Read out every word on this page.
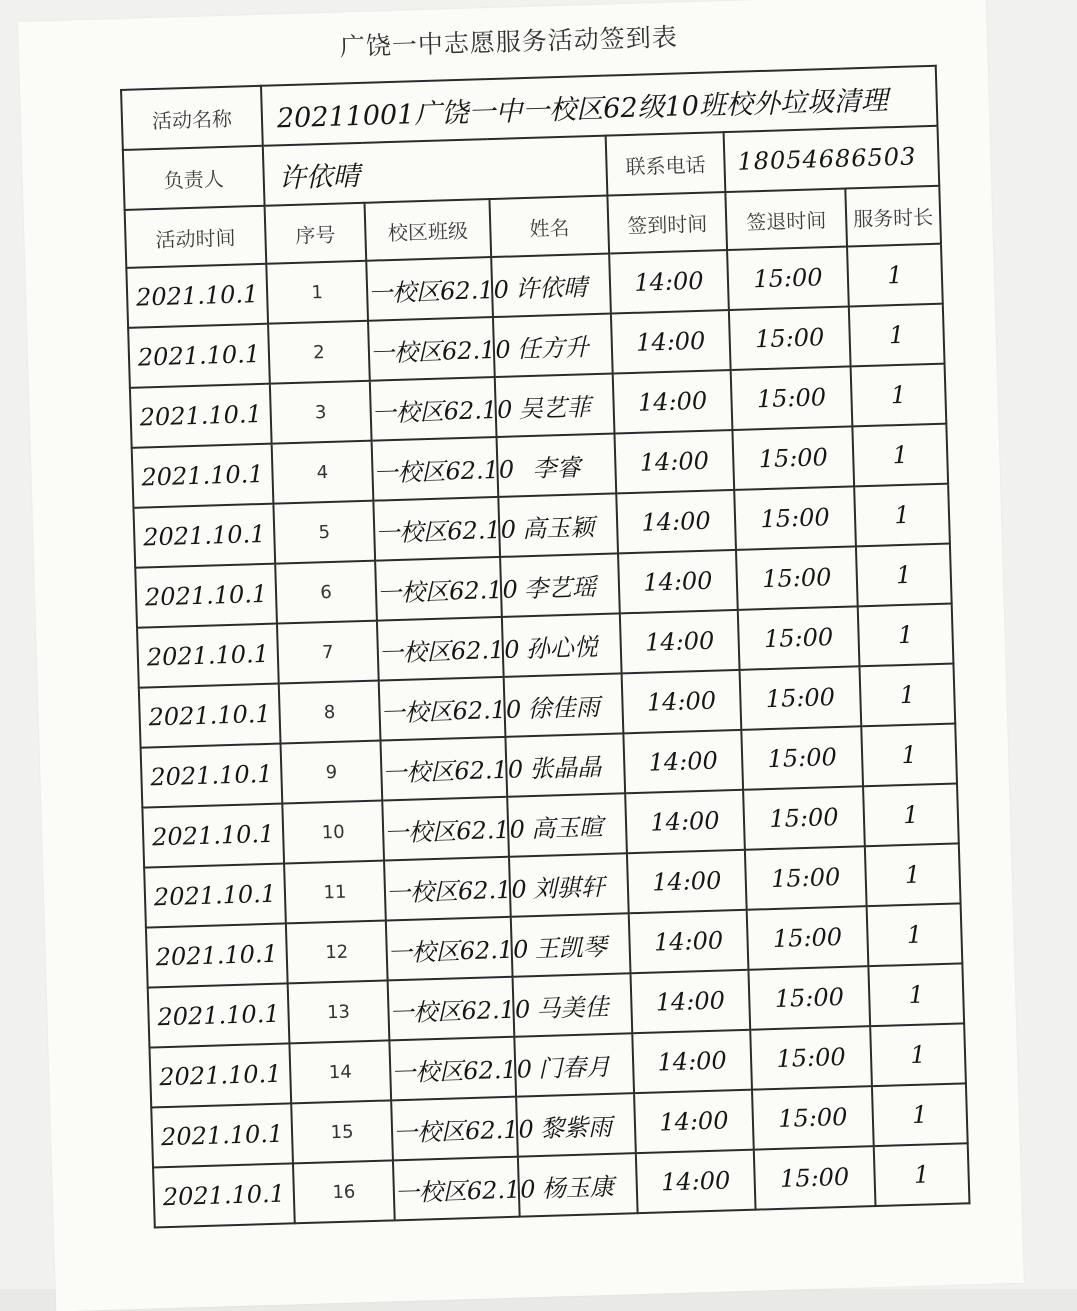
广饶一中志愿服务活动签到表
活动名称	20211001广饶一中一校区62级10班校外垃圾清理					
负责人	许依晴			联系电话	18054686503	
活动时间	序号	校区班级	姓名	签到时间	签退时间	服务时长
2021.10.1	1	一校区62.10	许依晴	14:00	15:00	1
2021.10.1	2	一校区62.10	任方升	14:00	15:00	1
2021.10.1	3	一校区62.10	吴艺菲	14:00	15:00	1
2021.10.1	4	一校区62.10	李睿	14:00	15:00	1
2021.10.1	5	一校区62.10	高玉颖	14:00	15:00	1
2021.10.1	6	一校区62.10	李艺瑶	14:00	15:00	1
2021.10.1	7	一校区62.10	孙心悦	14:00	15:00	1
2021.10.1	8	一校区62.10	徐佳雨	14:00	15:00	1
2021.10.1	9	一校区62.10	张晶晶	14:00	15:00	1
2021.10.1	10	一校区62.10	高玉暄	14:00	15:00	1
2021.10.1	11	一校区62.10	刘骐轩	14:00	15:00	1
2021.10.1	12	一校区62.10	王凯琴	14:00	15:00	1
2021.10.1	13	一校区62.10	马美佳	14:00	15:00	1
2021.10.1	14	一校区62.10	门春月	14:00	15:00	1
2021.10.1	15	一校区62.10	黎紫雨	14:00	15:00	1
2021.10.1	16	一校区62.10	杨玉康	14:00	15:00	1
